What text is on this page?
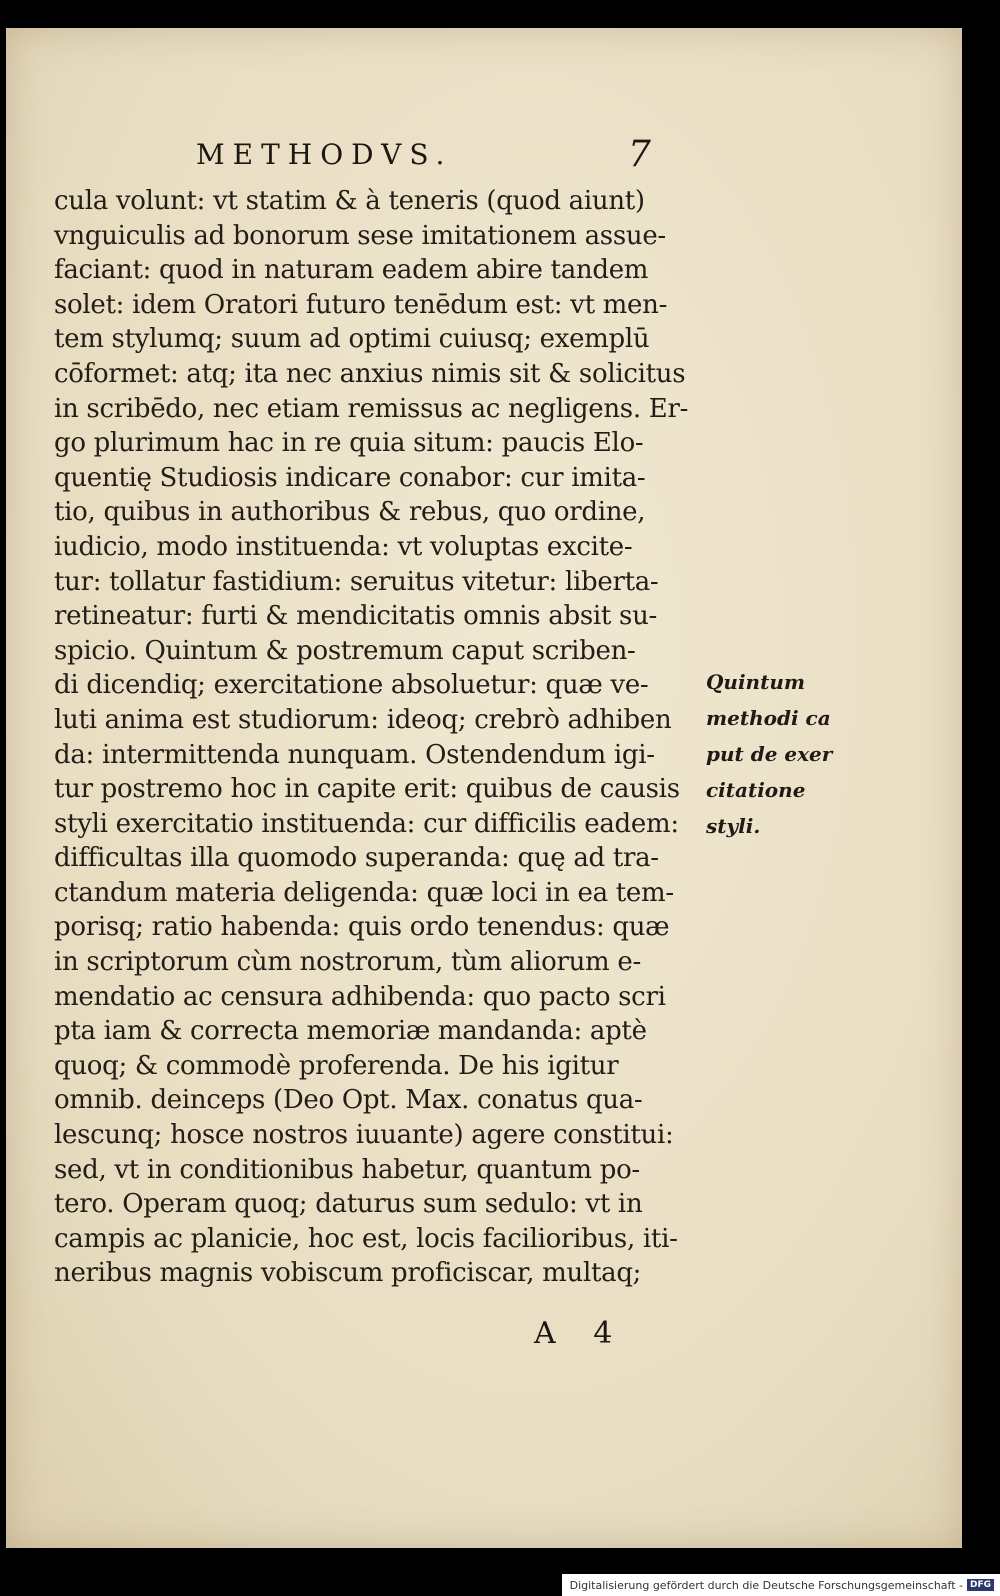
METHODVS.	7
cula volunt: vt statim & à teneris (quod aiunt)
vnguiculis ad bonorum sese imitationem assue-
faciant: quod in naturam eadem abire tandem
solet: idem Oratori futuro tenēdum est: vt men-
tem stylumq; suum ad optimi cuiusq; exemplū
cōformet: atq; ita nec anxius nimis sit & solicitus
in scribēdo, nec etiam remissus ac negligens. Er-
go plurimum hac in re quia situm: paucis Elo-
quentię Studiosis indicare conabor: cur imita-
tio, quibus in authoribus & rebus, quo ordine,
iudicio, modo instituenda: vt voluptas excite-
tur: tollatur fastidium: seruitus vitetur: liberta-
retineatur: furti & mendicitatis omnis absit su-
spicio. Quintum & postremum caput scriben-
di dicendiq; exercitatione absoluetur: quæ ve-
luti anima est studiorum: ideoq; crebrò adhiben
da: intermittenda nunquam. Ostendendum igi-
tur postremo hoc in capite erit: quibus de causis
styli exercitatio instituenda: cur difficilis eadem:
difficultas illa quomodo superanda: quę ad tra-
ctandum materia deligenda: quæ loci in ea tem-
porisq; ratio habenda: quis ordo tenendus: quæ
in scriptorum cùm nostrorum, tùm aliorum e-
mendatio ac censura adhibenda: quo pacto scri
pta iam & correcta memoriæ mandanda: aptè
quoq; & commodè proferenda. De his igitur
omnib. deinceps (Deo Opt. Max. conatus qua-
lescunq; hosce nostros iuuante) agere constitui:
sed, vt in conditionibus habetur, quantum po-
tero. Operam quoq; daturus sum sedulo: vt in
campis ac planicie, hoc est, locis facilioribus, iti-
neribus magnis vobiscum proficiscar, multaq;
Quintum
methodi ca
put de exer
citatione
styli.
A 4
Digitalisierung gefördert durch die Deutsche Forschungsgemeinschaft - DFG
